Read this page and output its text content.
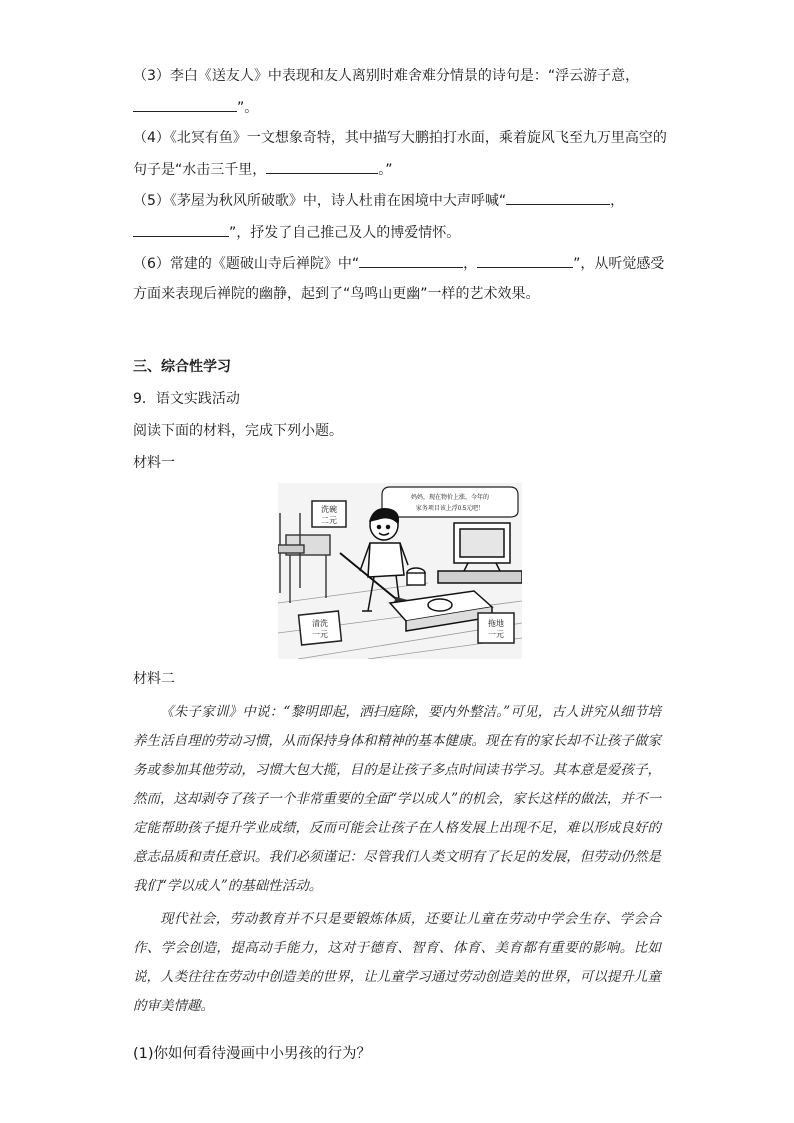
（3）李白《送友人》中表现和友人离别时难舍难分情景的诗句是：“浮云游子意，
”。
（4）《北冥有鱼》一文想象奇特，其中描写大鹏拍打水面，乘着旋风飞至九万里高空的
句子是“水击三千里，	。”
（5）《茅屋为秋风所破歌》中，诗人杜甫在困境中大声呼喊“	，
”，抒发了自己推己及人的博爱情怀。
（6）常建的《题破山寺后禅院》中“	，	”，从听觉感受
方面来表现后禅院的幽静，起到了“鸟鸣山更幽”一样的艺术效果。
三、综合性学习
9．语文实践活动
阅读下面的材料，完成下列小题。
材料一
洗碗
二元
妈妈，现在物价上涨，今年的
家务项目该上浮0.5元吧！
清洗
一元
拖地
一元
材料二

《朱子家训》中说：“黎明即起，洒扫庭除，要内外整洁。”可见，古人讲究从细节培养生活自理的劳动习惯，从而保持身体和精神的基本健康。现在有的家长却不让孩子做家务或参加其他劳动，习惯大包大揽，目的是让孩子多点时间读书学习。其本意是爱孩子，然而，这却剥夺了孩子一个非常重要的全面“学以成人”的机会，家长这样的做法，并不一定能帮助孩子提升学业成绩，反而可能会让孩子在人格发展上出现不足，难以形成良好的意志品质和责任意识。我们必须谨记：尽管我们人类文明有了长足的发展，但劳动仍然是我们“学以成人”的基础性活动。

现代社会，劳动教育并不只是要锻炼体质，还要让儿童在劳动中学会生存、学会合作、学会创造，提高动手能力，这对于德育、智育、体育、美育都有重要的影响。比如说，人类往往在劳动中创造美的世界，让儿童学习通过劳动创造美的世界，可以提升儿童的审美情趣。

(1)你如何看待漫画中小男孩的行为？
